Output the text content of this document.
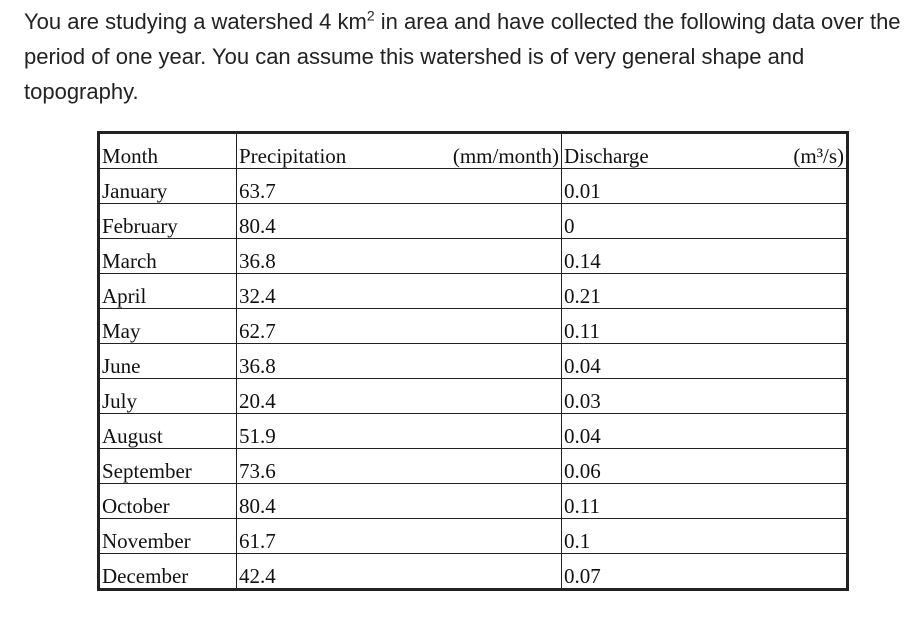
You are studying a watershed 4 $km^2$ in area and have collected the following data over the period of one year. You can assume this watershed is of very general shape and topography.

Month	Precipitation (mm/month)	Discharge (m³/s)

January	63.7	0.01
February	80.4	0
March	36.8	0.14
April	32.4	0.21
May	62.7	0.11
June	36.8	0.04
July	20.4	0.03
August	51.9	0.04
September	73.6	0.06
October	80.4	0.11
November	61.7	0.1
December	42.4	0.07
